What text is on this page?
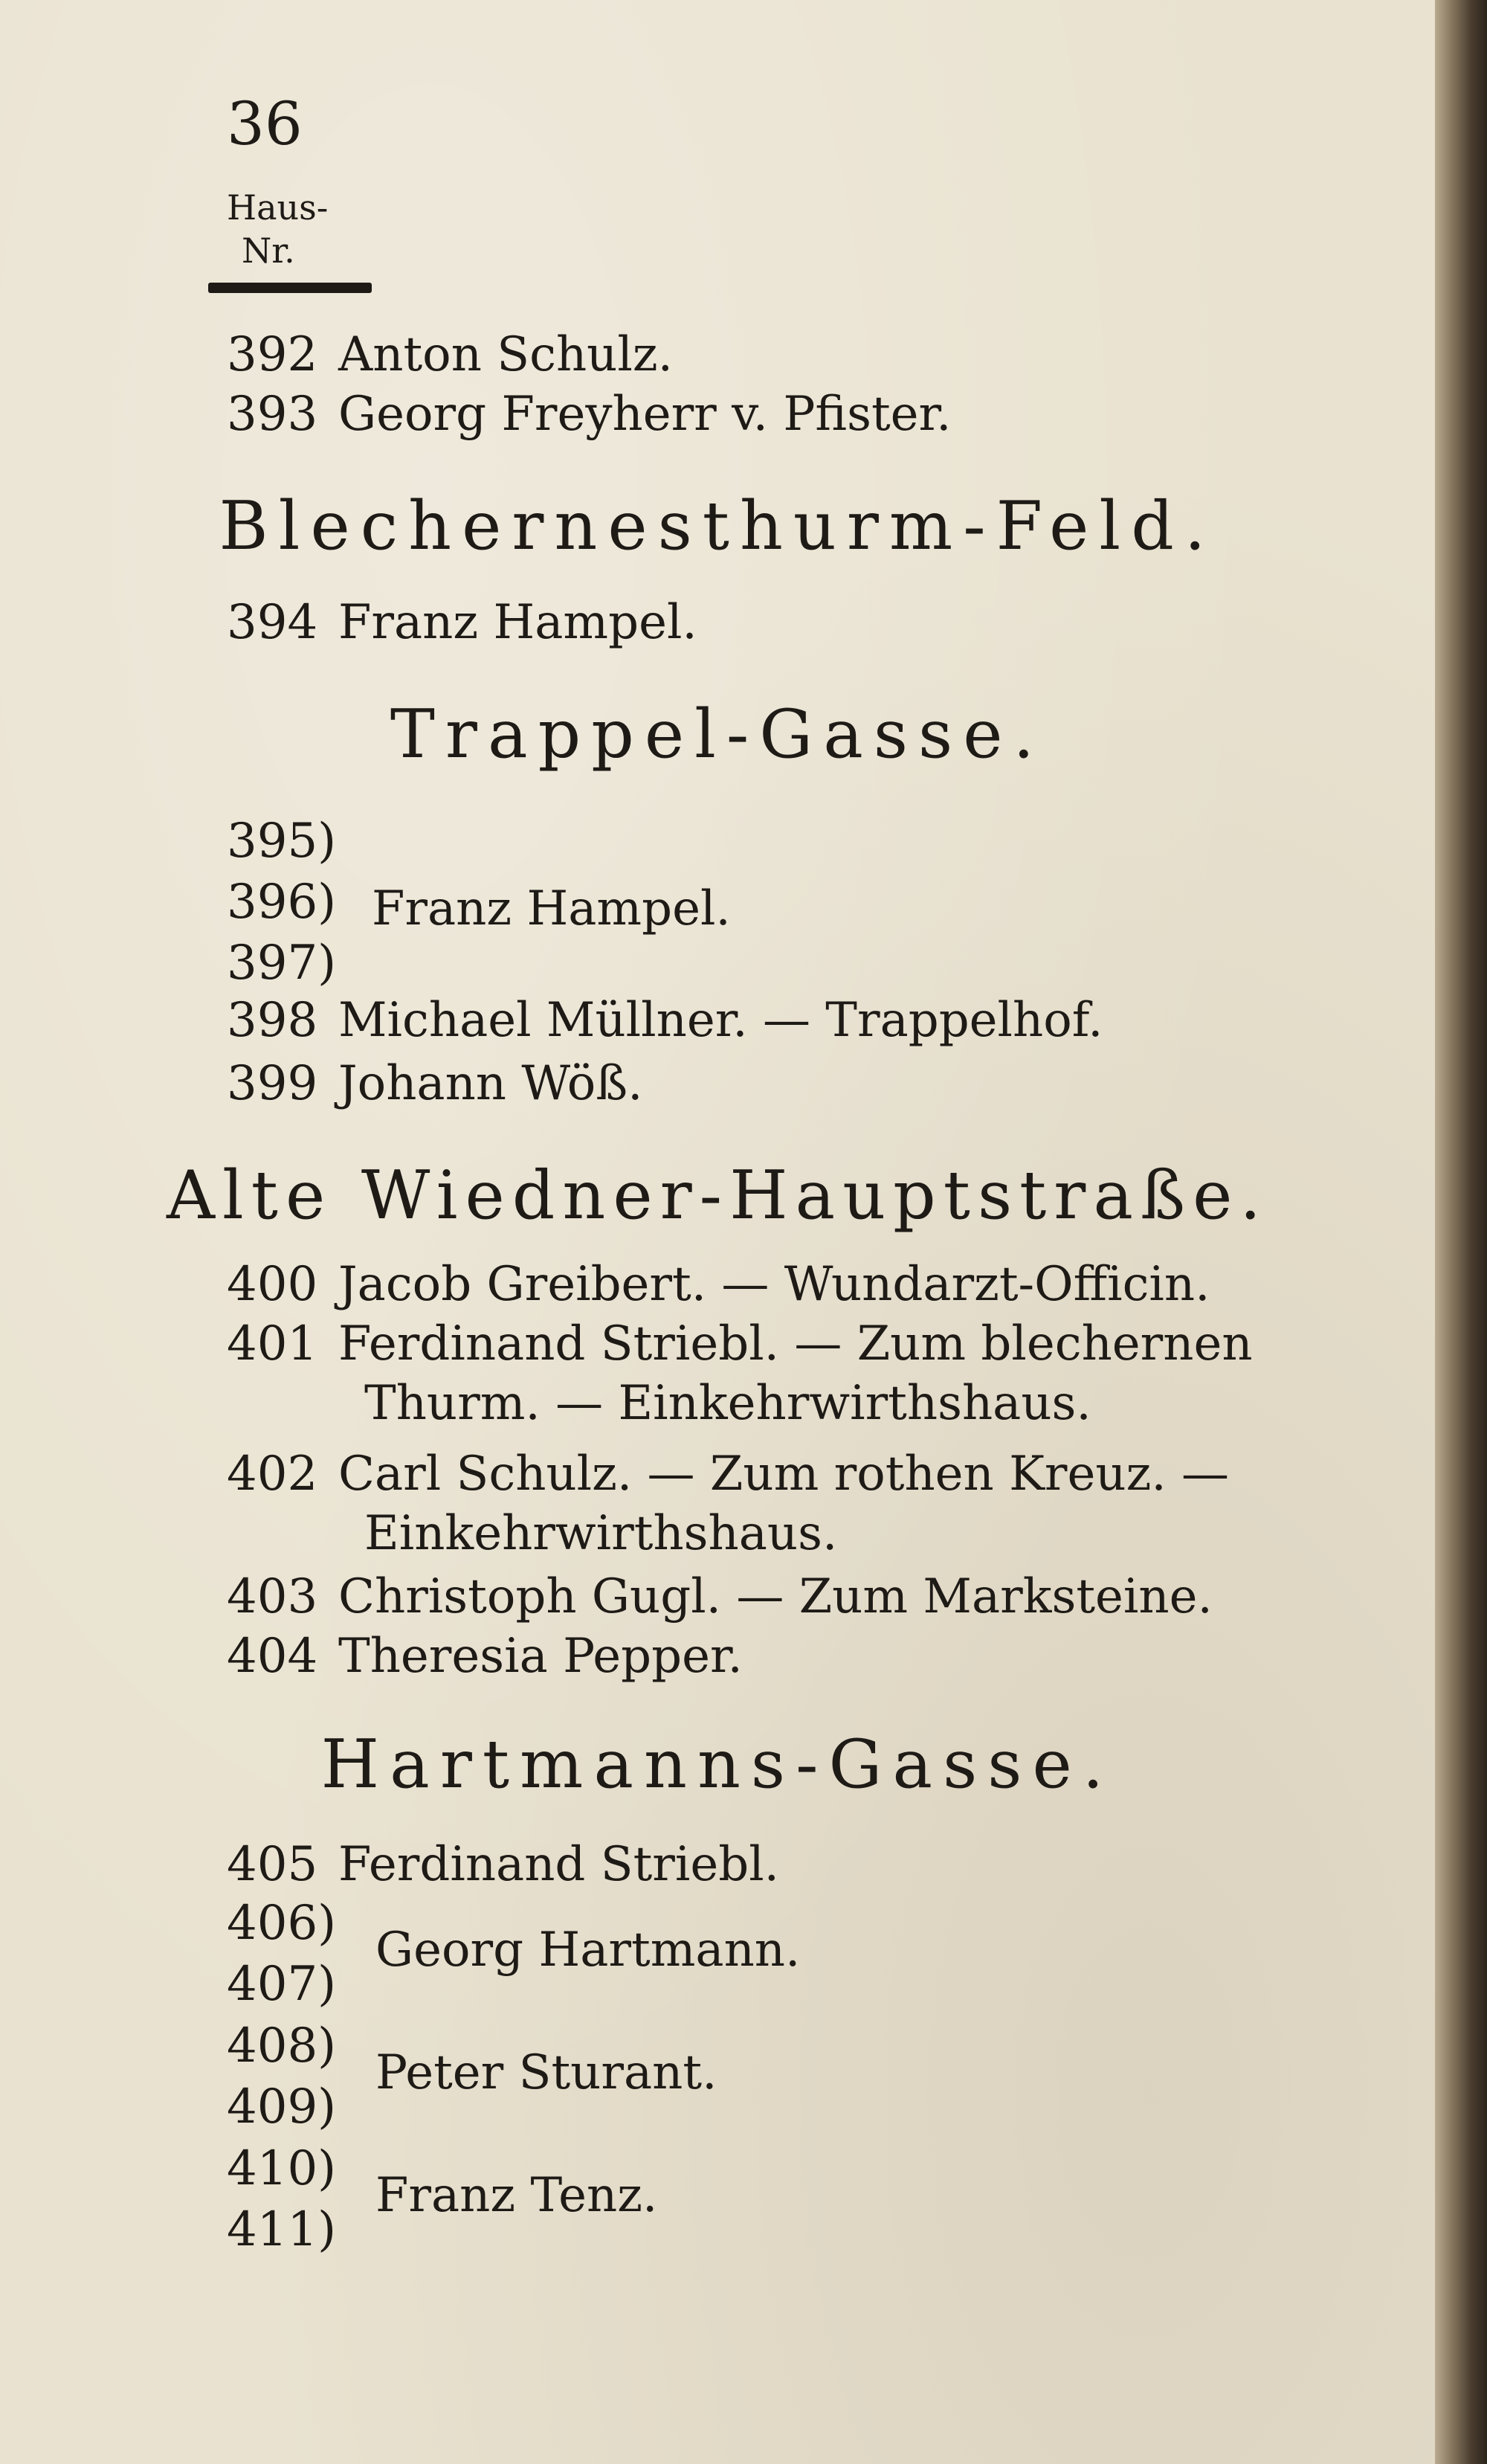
36
Haus-
Nr.
392 Anton Schulz.
393 Georg Freyherr v. Pfister.
Blechernesthurm-Feld.
394 Franz Hampel.
Trappel-Gasse.
395)
396)
397)
Franz Hampel.
398 Michael Müllner. — Trappelhof.
399 Johann Wöß.
Alte Wiedner-Hauptstraße.
400 Jacob Greibert. — Wundarzt-Officin.
401 Ferdinand Striebl. — Zum blechernen
Thurm. — Einkehrwirthshaus.
402 Carl Schulz. — Zum rothen Kreuz. —
Einkehrwirthshaus.
403 Christoph Gugl. — Zum Marksteine.
404 Theresia Pepper.
Hartmanns-Gasse.
405 Ferdinand Striebl.
406)
407)
Georg Hartmann.
408)
409)
Peter Sturant.
410)
411)
Franz Tenz.
